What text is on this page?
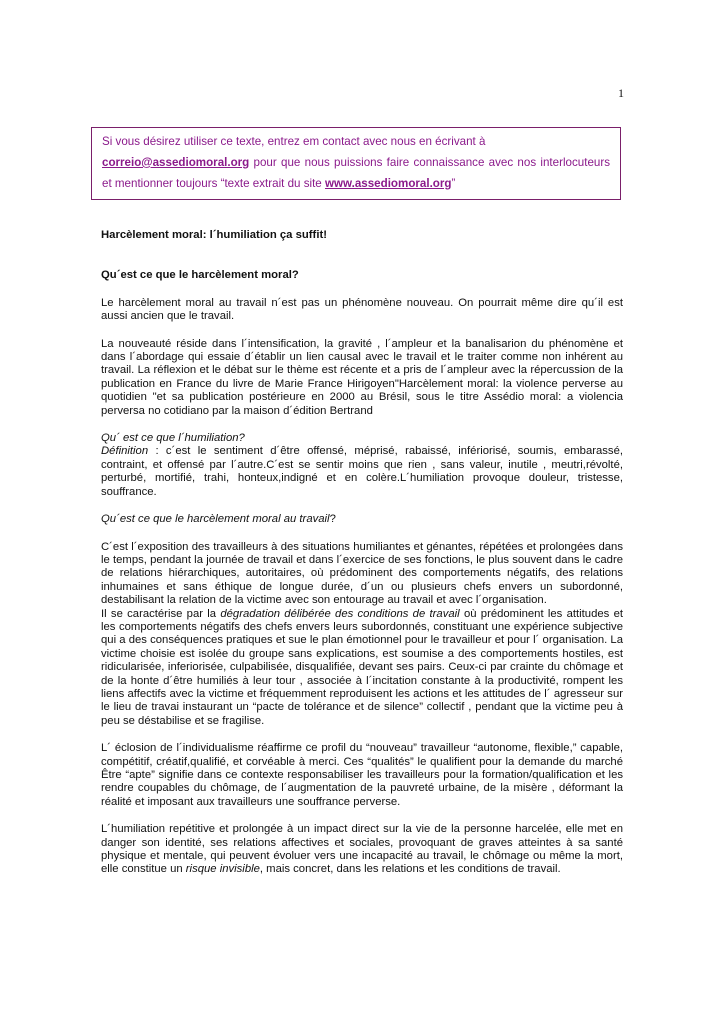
1
Si vous désirez utiliser ce texte, entrez em contact avec nous en écrivant à
correio@assediomoral.org pour que nous puissions faire connaissance avec nos interlocuteurs et mentionner toujours “texte extrait du site www.assediomoral.org”

Harcèlement moral: l´humiliation ça suffit!

Qu´est ce que le harcèlement moral?

Le harcèlement moral au travail n´est pas un phénomène nouveau. On pourrait même dire qu´il est aussi ancien que le travail.

La nouveauté réside dans l´intensification, la gravité , l´ampleur et la banalisarion du phénomène et dans l´abordage qui essaie d´établir un lien causal avec le travail et le traiter comme non inhérent au travail. La réflexion et le débat sur le thème est récente et a pris de l´ampleur avec la répercussion de la publication en France du livre de Marie France Hirigoyen"Harcèlement moral: la violence perverse au quotidien "et sa publication postérieure en 2000 au Brésil, sous le titre Assédio moral: a violencia perversa no cotidiano par la maison d´édition Bertrand

Qu´ est ce que l´humiliation?

Définition : c´est le sentiment d´être offensé, méprisé, rabaissé, infériorisé, soumis, embarassé, contraint, et offensé par l´autre.C´est se sentir moins que rien , sans valeur, inutile , meutri,révolté, perturbé, mortifié, trahi, honteux,indigné et en colère.L´humiliation provoque douleur, tristesse, souffrance.

Qu´est ce que le harcèlement moral au travail?

C´est l´exposition des travailleurs à des situations humiliantes et génantes, répétées et prolongées dans le temps, pendant la journée de travail et dans l´exercice de ses fonctions, le plus souvent dans le cadre de relations hiérarchiques, autoritaires, où prédominent des comportements négatifs, des relations inhumaines et sans éthique de longue durée, d´un ou plusieurs chefs envers un subordonné, destabilisant la relation de la victime avec son entourage au travail et avec l´organisation.

Il se caractérise par la dégradation délibérée des conditions de travail où prédominent les attitudes et les comportements négatifs des chefs envers leurs subordonnés, constituant une expérience subjective qui a des conséquences pratiques et sue le plan émotionnel pour le travailleur et pour l´ organisation. La victime choisie est isolée du groupe sans explications, est soumise a des comportements hostiles, est ridicularisée, inferiorisée, culpabilisée, disqualifiée, devant ses pairs. Ceux-ci par crainte du chômage et de la honte d´être humiliés à leur tour , associée à l´incitation constante à la productivité, rompent les liens affectifs avec la victime et fréquemment reproduisent les actions et les attitudes de l´ agresseur sur le lieu de travai instaurant un “pacte de tolérance et de silence” collectif , pendant que la victime peu à peu se déstabilise et se fragilise.

L´ éclosion de l´individualisme réaffirme ce profil du “nouveau” travailleur “autonome, flexible,” capable, compétitif, créatif,qualifié, et corvéable à merci. Ces “qualités” le qualifient pour la demande du marché Être “apte” signifie dans ce contexte responsabiliser les travailleurs pour la formation/qualification et les rendre coupables du chômage, de l´augmentation de la pauvreté urbaine, de la misère , déformant la réalité et imposant aux travailleurs une souffrance perverse.

L´humiliation repétitive et prolongée à un impact direct sur la vie de la personne harcelée, elle met en danger son identité, ses relations affectives et sociales, provoquant de graves atteintes à sa santé physique et mentale, qui peuvent évoluer vers une incapacité au travail, le chômage ou même la mort, elle constitue un risque invisible, mais concret, dans les relations et les conditions de travail.
